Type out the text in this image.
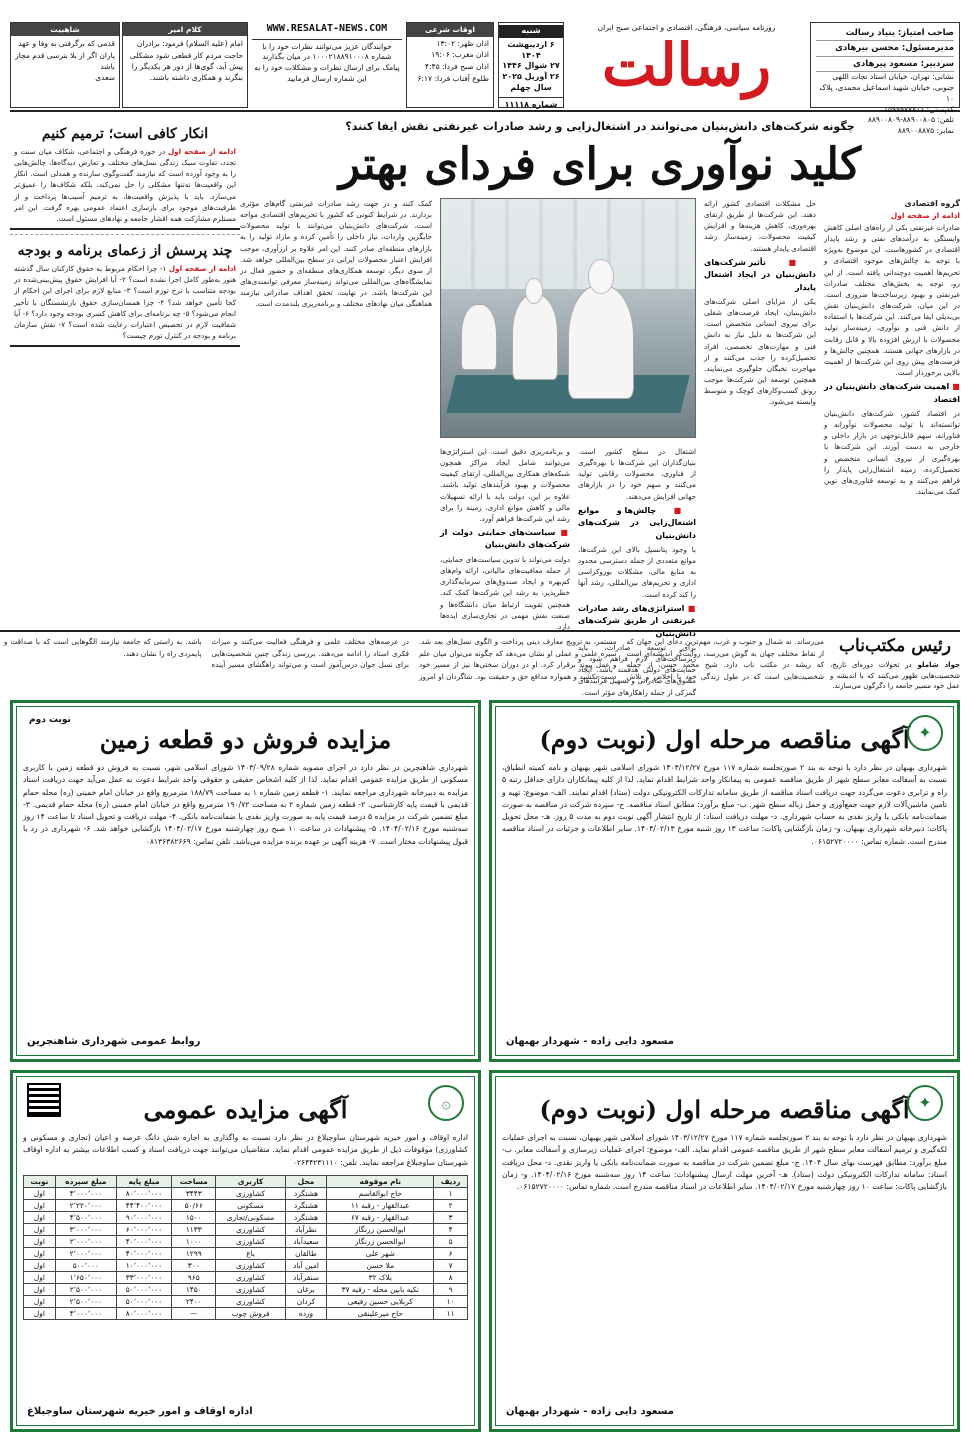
صاحب امتیاز: بنیاد رسالت
مدیرمسئول: محسن بیرهادی
سردبیر: مسعود پیرهادی
نشانی: تهران، خیابان استاد نجات اللهی جنوبی، خیابان شهید اسماعیل محمدی، پلاک ۱۰
کدپستی: ۱۵۹۹۹۷۷۷۱۱
تلفن: ۸۸۹۰۰۸۰۵-۸۸۹۰۰۸۰۹
نمابر: ۸۸۹۰۰۸۸۷۵
روزنامه سیاسی، فرهنگی، اقتصادی و اجتماعی صبح ایران
رسالت
شنبه
۶ اردیبهشت ۱۴۰۴
۲۷ شوال ۱۴۴۶
۲۶ آوریل ۲۰۲۵
سال چهلم
شماره ۱۱۱۱۸
اوقات شرعی
اذان ظهر: ۱۳:۰۲
اذان مغرب: ۱۹:۰۶
اذان صبح فردا: ۴:۴۵
طلوع آفتاب فردا: ۶:۱۷
WWW.RESALAT-NEWS.COM
خوانندگان عزیز می‌توانند نظرات خود را با شماره ۱۰۰۰۲۱۸۸۹۱۰۰۰۸ در میان بگذارند
پیامک برای ارسال نظرات و مشکلات خود را به این شماره ارسال فرمایید
کلام امیر
امام (علیه السلام) فرمود: برادران حاجت مردم کار قطعی شود مشکلی پیش آید، گوی‌ها از دور هر یکدیگر را بنگرند و همکاری داشته باشند.
شاهبیت
قدمی که برگرفتی به وفا و عهد یاران اگر از بلا بترسی قدم مجاز باشد
سعدی
چگونه شرکت‌های دانش‌بنیان می‌توانند در اشتغال‌زایی و رشد صادرات غیرنفتی نقش ایفا کنند؟
کلید نوآوری برای فردای بهتر
گروه اقتصادی
ادامه از صفحه اول
صادرات غیرنفتی یکی از راه‌های اصلی کاهش وابستگی به درآمدهای نفتی و رشد پایدار اقتصادی در کشورهاست. این موضوع به‌ویژه با توجه به چالش‌های موجود اقتصادی و تحریم‌ها اهمیت دوچندانی یافته است. از این رو، توجه به بخش‌های مختلف صادرات غیرنفتی و بهبود زیرساخت‌ها ضروری است. در این میان، شرکت‌های دانش‌بنیان نقش بی‌بدیلی ایفا می‌کنند. این شرکت‌ها با استفاده از دانش فنی و نوآوری، زمینه‌ساز تولید محصولات با ارزش افزوده بالا و قابل رقابت در بازارهای جهانی هستند. همچنین چالش‌ها و فرصت‌های پیش روی این شرکت‌ها از اهمیت بالایی برخوردار است.
■ اهمیت شرکت‌های دانش‌بنیان در اقتصاد
در اقتصاد کشور، شرکت‌های دانش‌بنیان توانسته‌اند با تولید محصولات نوآورانه و فناورانه، سهم قابل‌توجهی در بازار داخلی و خارجی به دست آورند. این شرکت‌ها با بهره‌گیری از نیروی انسانی متخصص و تحصیل‌کرده، زمینه اشتغال‌زایی پایدار را فراهم می‌کنند و به توسعه فناوری‌های نوین کمک می‌نمایند.
حل مشکلات اقتصادی کشور ارائه دهند. این شرکت‌ها از طریق ارتقای بهره‌وری، کاهش هزینه‌ها و افزایش کیفیت محصولات، زمینه‌ساز رشد اقتصادی پایدار هستند.
■ تأثیر شرکت‌های دانش‌بنیان در ایجاد اشتغال پایدار
یکی از مزایای اصلی شرکت‌های دانش‌بنیان، ایجاد فرصت‌های شغلی برای نیروی انسانی متخصص است. این شرکت‌ها به دلیل نیاز به دانش فنی و مهارت‌های تخصصی، افراد تحصیل‌کرده را جذب می‌کنند و از مهاجرت نخبگان جلوگیری می‌نمایند. همچنین توسعه این شرکت‌ها موجب رونق کسب‌وکارهای کوچک و متوسط وابسته می‌شود.
اشتغال در سطح کشور است. بنیان‌گذاران این شرکت‌ها با بهره‌گیری از فناوری، محصولات رقابتی تولید می‌کنند و سهم خود را در بازارهای جهانی افزایش می‌دهند.
■ چالش‌ها و موانع اشتغال‌زایی در شرکت‌های دانش‌بنیان
با وجود پتانسیل بالای این شرکت‌ها، موانع متعددی از جمله دسترسی محدود به منابع مالی، مشکلات بوروکراسی اداری و تحریم‌های بین‌المللی، رشد آنها را کند کرده است.
■ استراتژی‌های رشد صادرات غیرنفتی از طریق شرکت‌های دانش‌بنیان
برای توسعه صادرات، باید زیرساخت‌های لازم فراهم شود و حمایت‌های دولتی هدفمند باشد. ایجاد مشوق‌های صادراتی و تسهیل فرآیندهای گمرکی از جمله راهکارهای مؤثر است.
و برنامه‌ریزی دقیق است. این استراتژی‌ها می‌توانند شامل ایجاد مراکز همچون شبکه‌های همکاری بین‌المللی، ارتقای کیفیت محصولات و بهبود فرآیندهای تولید باشند. علاوه بر این، دولت باید با ارائه تسهیلات مالی و کاهش موانع اداری، زمینه را برای رشد این شرکت‌ها فراهم آورد.
■ سیاست‌های حمایتی دولت از شرکت‌های دانش‌بنیان
دولت می‌تواند با تدوین سیاست‌های حمایتی، از جمله معافیت‌های مالیاتی، ارائه وام‌های کم‌بهره و ایجاد صندوق‌های سرمایه‌گذاری خطرپذیر، به رشد این شرکت‌ها کمک کند. همچنین تقویت ارتباط میان دانشگاه‌ها و صنعت نقش مهمی در تجاری‌سازی ایده‌ها دارد.
کمک کنند و در جهت رشد صادرات غیرنفتی گام‌های مؤثری بردارند. در شرایط کنونی که کشور با تحریم‌های اقتصادی مواجه است، شرکت‌های دانش‌بنیان می‌توانند با تولید محصولات جایگزین واردات، نیاز داخلی را تأمین کرده و مازاد تولید را به بازارهای منطقه‌ای صادر کنند. این امر علاوه بر ارزآوری، موجب افزایش اعتبار محصولات ایرانی در سطح بین‌المللی خواهد شد. از سوی دیگر، توسعه همکاری‌های منطقه‌ای و حضور فعال در نمایشگاه‌های بین‌المللی می‌تواند زمینه‌ساز معرفی توانمندی‌های این شرکت‌ها باشد. در نهایت، تحقق اهداف صادراتی نیازمند هماهنگی میان نهادهای مختلف و برنامه‌ریزی بلندمدت است.
انکار کافی است؛ ترمیم کنیم
ادامه از صفحه اول در حوزه فرهنگی و اجتماعی، شکاف میان سنت و تجدد، تفاوت سبک زندگی نسل‌های مختلف و تعارض دیدگاه‌ها، چالش‌هایی را به وجود آورده است که نیازمند گفت‌وگوی سازنده و همدلی است. انکار این واقعیت‌ها نه‌تنها مشکلی را حل نمی‌کند، بلکه شکاف‌ها را عمیق‌تر می‌سازد. باید با پذیرش واقعیت‌ها، به ترمیم آسیب‌ها پرداخت و از ظرفیت‌های موجود برای بازسازی اعتماد عمومی بهره گرفت. این امر مستلزم مشارکت همه اقشار جامعه و نهادهای مسئول است.
چند پرسش از زعمای برنامه و بودجه
ادامه از صفحه اول ۱- چرا احکام مربوط به حقوق کارکنان سال گذشته هنوز به‌طور کامل اجرا نشده است؟ ۲- آیا افزایش حقوق پیش‌بینی‌شده در بودجه متناسب با نرخ تورم است؟ ۳- منابع لازم برای اجرای این احکام از کجا تأمین خواهد شد؟ ۴- چرا همسان‌سازی حقوق بازنشستگان با تأخیر انجام می‌شود؟ ۵- چه برنامه‌ای برای کاهش کسری بودجه وجود دارد؟ ۶- آیا شفافیت لازم در تخصیص اعتبارات رعایت شده است؟ ۷- نقش سازمان برنامه و بودجه در کنترل تورم چیست؟
رئیس مکتب‌ناب
جواد شاملو در تحولات دوره‌ای تاریخ، شخصیت‌هایی ظهور می‌کنند که با اندیشه و عمل خود مسیر جامعه را دگرگون می‌سازند.
می‌رساند. نه شمال و جنوب و غرب، مهم‌ترین دعای این جهان که از نقاط مختلف جهان به گوش می‌رسد، روایت‌گر اندیشه‌ای است که ریشه در مکتب ناب دارد. شیخ محمد حسن، از جمله شخصیت‌هایی است که در طول زندگی خود با اخلاص و تلاش مستمر، به ترویج معارف دینی پرداخت و الگوی نسل‌های بعد شد. سیره علمی و عملی او نشان می‌دهد که چگونه می‌توان میان علم و عمل پیوند برقرار کرد. او در دوران سختی‌ها نیز از مسیر خود دست نکشید و همواره مدافع حق و حقیقت بود. شاگردان او امروز در عرصه‌های مختلف علمی و فرهنگی فعالیت می‌کنند و میراث فکری استاد را ادامه می‌دهند. بررسی زندگی چنین شخصیت‌هایی برای نسل جوان درس‌آموز است و می‌تواند راهگشای مسیر آینده باشد. به راستی که جامعه نیازمند الگوهایی است که با صداقت و پایمردی راه را نشان دهند.
✦
آگهی مناقصه مرحله اول (نوبت دوم)
شهرداری بهبهان در نظر دارد با توجه به بند ۲ صورتجلسه شماره ۱۱۷ مورخ ۱۴۰۳/۱۲/۲۷ شورای اسلامی شهر بهبهان و نامه کمیته انطباق، نسبت به آسفالت معابر سطح شهر از طریق مناقصه عمومی به پیمانکار واجد شرایط اقدام نماید. لذا از کلیه پیمانکاران دارای حداقل رتبه ۵ راه و ترابری دعوت می‌گردد جهت دریافت اسناد مناقصه از طریق سامانه تدارکات الکترونیکی دولت (ستاد) اقدام نمایند. الف- موضوع: تهیه و تامین ماشین‌آلات لازم جهت جمع‌آوری و حمل زباله سطح شهر. ب- مبلغ برآورد: مطابق اسناد مناقصه. ج- سپرده شرکت در مناقصه به صورت ضمانت‌نامه بانکی یا واریز نقدی به حساب شهرداری. د- مهلت دریافت اسناد: از تاریخ انتشار آگهی نوبت دوم به مدت ۵ روز. هـ- محل تحویل پاکات: دبیرخانه شهرداری بهبهان. و- زمان بازگشایی پاکات: ساعت ۱۳ روز شنبه مورخ ۱۴۰۴/۰۲/۱۳. سایر اطلاعات و جزئیات در اسناد مناقصه مندرج است. شماره تماس: ۰۶۱۵۲۷۲۰۰۰۰.
مسعود دایی زاده - شهردار بهبهان
نوبت دوم
مزایده فروش دو قطعه زمین
شهرداری شاهنجرین در نظر دارد در اجرای مصوبه شماره ۱۴۰۳/۰۹/۲۸ شورای اسلامی شهر، نسبت به فروش دو قطعه زمین با کاربری مسکونی از طریق مزایده عمومی اقدام نماید. لذا از کلیه اشخاص حقیقی و حقوقی واجد شرایط دعوت به عمل می‌آید جهت دریافت اسناد مزایده به دبیرخانه شهرداری مراجعه نمایند. ۱- قطعه زمین شماره ۱ به مساحت ۱۸۸/۷۹ مترمربع واقع در خیابان امام خمینی (ره) محله حمام قدیمی با قیمت پایه کارشناسی. ۲- قطعه زمین شماره ۲ به مساحت ۱۹۰/۷۲ مترمربع واقع در خیابان امام خمینی (ره) محله حمام قدیمی. ۳- مبلغ تضمین شرکت در مزایده ۵ درصد قیمت پایه به صورت واریز نقدی یا ضمانت‌نامه بانکی. ۴- مهلت دریافت و تحویل اسناد تا ساعت ۱۴ روز سه‌شنبه مورخ ۱۴۰۴/۰۲/۱۶. ۵- پیشنهادات در ساعت ۱۰ صبح روز چهارشنبه مورخ ۱۴۰۴/۰۲/۱۷ بازگشایی خواهد شد. ۶- شهرداری در رد یا قبول پیشنهادات مختار است. ۷- هزینه آگهی بر عهده برنده مزایده می‌باشد. تلفن تماس: ۰۸۱۳۶۳۸۲۶۶۹
روابط عمومی شهرداری شاهنجرین
✦
آگهی مناقصه مرحله اول (نوبت دوم)
شهرداری بهبهان در نظر دارد با توجه به بند ۲ صورتجلسه شماره ۱۱۷ مورخ ۱۴۰۳/۱۲/۲۷ شورای اسلامی شهر بهبهان، نسبت به اجرای عملیات لکه‌گیری و ترمیم آسفالت معابر سطح شهر از طریق مناقصه عمومی اقدام نماید. الف- موضوع: اجرای عملیات زیرسازی و آسفالت معابر. ب- مبلغ برآورد: مطابق فهرست بهای سال ۱۴۰۴. ج- مبلغ تضمین شرکت در مناقصه به صورت ضمانت‌نامه بانکی یا واریز نقدی. د- محل دریافت اسناد: سامانه تدارکات الکترونیکی دولت (ستاد). هـ- آخرین مهلت ارسال پیشنهادات: ساعت ۱۴ روز سه‌شنبه مورخ ۱۴۰۴/۰۲/۱۶. و- زمان بازگشایی پاکات: ساعت ۱۰ روز چهارشنبه مورخ ۱۴۰۴/۰۲/۱۷. سایر اطلاعات در اسناد مناقصه مندرج است. شماره تماس: ۰۶۱۵۲۷۲۰۰۰۰.
مسعود دایی زاده - شهردار بهبهان
۞
آگهی مزایده عمومی
اداره اوقاف و امور خیریه شهرستان ساوجبلاغ در نظر دارد نسبت به واگذاری به اجاره شش دانگ عرصه و اعیان (تجاری و مسکونی و کشاورزی) موقوفات ذیل از طریق مزایده عمومی اقدام نماید. متقاضیان می‌توانند جهت دریافت اسناد و کسب اطلاعات بیشتر به اداره اوقاف شهرستان ساوجبلاغ مراجعه نمایند. تلفن: ۰۲۶۴۴۲۳۱۱۱۰
ردیف	نام موقوفه	محل	کاربری	مساحت	مبلغ پایه	مبلغ سپرده	نوبت
۱	حاج ابوالقاسم	هشتگرد	کشاورزی	۳۴۴۳	۸۰٬۰۰۰٬۰۰۰	۴٬۰۰۰٬۰۰۰	اول
۲	عبدالقهار - رقبه ۱۱	هشتگرد	مسکونی	۵۰/۶۶	۴۴٬۴۰۰٬۰۰۰	۲٬۲۲۰٬۰۰۰	اول
۳	عبدالقهار - رقبه ۶۷	هشتگرد	مسکونی/تجاری	۱۵۰۰	۹۰٬۰۰۰٬۰۰۰	۴٬۵۰۰٬۰۰۰	اول
۴	ابوالحسن زرنگار	نظرآباد	کشاورزی	۱۱۳۳	۶۰٬۰۰۰٬۰۰۰	۳٬۰۰۰٬۰۰۰	اول
۵	ابوالحسن زرنگار	سعیدآباد	کشاورزی	۱۰۰۰	۴۰٬۰۰۰٬۰۰۰	۲٬۰۰۰٬۰۰۰	اول
۶	شهر علی	طالقان	باغ	۱۲۹۹	۴۰٬۰۰۰٬۰۰۰	۲٬۰۰۰٬۰۰۰	اول
۷	ملا حسن	امین آباد	کشاورزی	۳۰۰	۱۰٬۰۰۰٬۰۰۰	۵۰۰٬۰۰۰	اول
۸	بلاک ۳۲	سنقرآباد	کشاورزی	۹۶۵	۳۳٬۰۰۰٬۰۰۰	۱٬۶۵۰٬۰۰۰	اول
۹	نکیه بابین محله - رقبه ۳۷	برغان	کشاورزی	۱۴۵۰	۵۰٬۰۰۰٬۰۰۰	۲٬۵۰۰٬۰۰۰	اول
۱۰	کربلایی حسین رفیعی	کردان	کشاورزی	۲۴۰۰	۵۰٬۰۰۰٬۰۰۰	۲٬۵۰۰٬۰۰۰	اول
۱۱	حاج میرعلینقی	ورده	فروش چوب	—	۸۰٬۰۰۰٬۰۰۰	۴٬۰۰۰٬۰۰۰	اول
اداره اوقاف و امور خیریه شهرستان ساوجبلاغ
